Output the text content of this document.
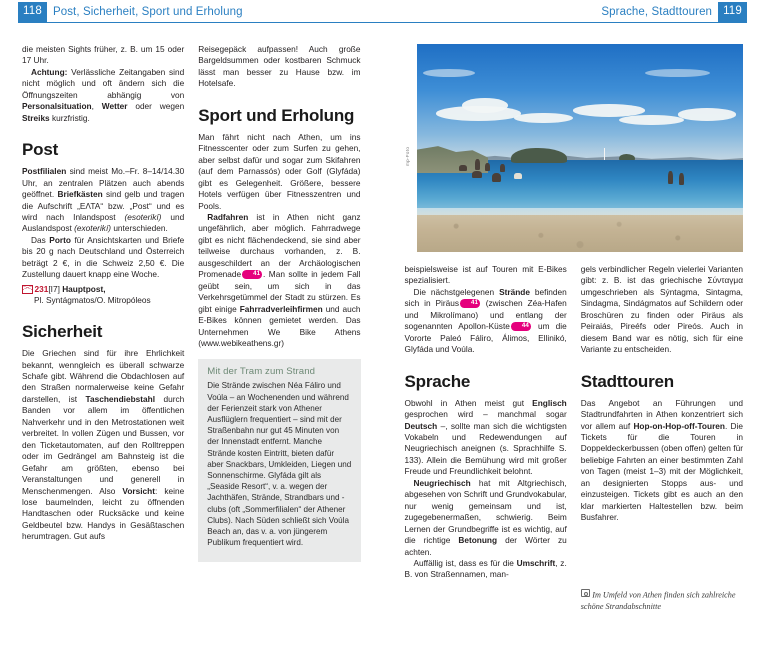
118 Post, Sicherheit, Sport und Erholung

die meisten Sights früher, z. B. um 15 oder 17 Uhr.

Achtung: Verlässliche Zeitangaben sind nicht möglich und oft ändern sich die Öffnungszeiten abhängig von Personalsituation, Wetter oder wegen Streiks kurzfristig.

Post

Postfilialen sind meist Mo.–Fr. 8–14/14.30 Uhr, an zentralen Plätzen auch abends geöffnet. Briefkästen sind gelb und tragen die Aufschrift „ΕΛΤΑ“ bzw. „Post“ und es wird nach Inlandspost (esoterikí) und Auslandspost (exoterikí) unterschieden.

Das Porto für Ansichtskarten und Briefe bis 20 g nach Deutschland und Österreich beträgt 2 €, in die Schweiz 2,50 €. Die Zustellung dauert knapp eine Woche.

231[I7] Hauptpost,
Pl. Syntágmatos/O. Mitropóleos

Sicherheit

Die Griechen sind für ihre Ehrlichkeit bekannt, wenngleich es überall schwarze Schafe gibt. Während die Obdachlosen auf den Straßen normalerweise keine Gefahr darstellen, ist Taschendiebstahl durch Banden vor allem im öffentlichen Nahverkehr und in den Metrostationen weit verbreitet. In vollen Zügen und Bussen, vor den Ticketautomaten, auf den Rolltreppen oder im Gedrängel am Bahnsteig ist die Gefahr am größten, ebenso bei Veranstaltungen und generell in Menschenmengen. Also Vorsicht: keine lose baumelnden, leicht zu öffnenden Handtaschen oder Rucksäcke und keine Geldbeutel bzw. Handys in Gesäßtaschen herumtragen. Gut aufs

Reisegepäck aufpassen! Auch große Bargeldsummen oder kostbaren Schmuck lässt man besser zu Hause bzw. im Hotelsafe.

Sport und Erholung

Man fährt nicht nach Athen, um ins Fitnesscenter oder zum Surfen zu gehen, aber selbst dafür und sogar zum Skifahren (auf dem Parnassós) oder Golf (Glyfáda) gibt es Gelegenheit. Größere, bessere Hotels verfügen über Fitnesszentren und Pools.

Radfahren ist in Athen nicht ganz ungefährlich, aber möglich. Fahrradwege gibt es nicht flächendeckend, sie sind aber teilweise durchaus vorhanden, z. B. ausgeschildert an der Archäologischen Promenade 41 . Man sollte in jedem Fall geübt sein, um sich in das Verkehrsgetümmel der Stadt zu stürzen. Es gibt einige Fahrradverleihfirmen und auch E-Bikes können gemietet werden. Das Unternehmen We Bike Athens (www.webikeathens.gr)

Mit der Tram zum Strand

Die Strände zwischen Néa Fáliro und Voúla – an Wochenenden und während der Ferienzeit stark von Athener Ausflüglern frequentiert – sind mit der Straßenbahn nur gut 45 Minuten von der Innenstadt entfernt. Manche Strände kosten Eintritt, bieten dafür aber Snackbars, Umkleiden, Liegen und Sonnenschirme. Glyfáda gilt als „Seaside Resort“, v. a. wegen der Jachthäfen, Strände, Strandbars und -clubs (oft „Sommerfilialen“ der Athener Clubs). Nach Süden schließt sich Voúla Beach an, das v. a. von jüngerem Publikum frequentiert wird.

Sprache, Stadttouren 119
mp-Foto

beispielsweise ist auf Touren mit E-Bikes spezialisiert.

Die nächstgelegenen Strände befinden sich in Piräus 41 (zwischen Zéa-Hafen und Mikrolímano) und entlang der sogenannten Apollon-Küste 44 um die Vororte Paleó Fáliro, Álimos, Ellinikó, Glyfáda und Voúla.

Sprache

Obwohl in Athen meist gut Englisch gesprochen wird – manchmal sogar Deutsch –, sollte man sich die wichtigsten Vokabeln und Redewendungen auf Neugriechisch aneignen (s. Sprachhilfe S. 133). Allein die Bemühung wird mit großer Freude und Freundlichkeit belohnt.

Neugriechisch hat mit Altgriechisch, abgesehen von Schrift und Grundvokabular, nur wenig gemeinsam und ist, zugegebenermaßen, schwierig. Beim Lernen der Grundbegriffe ist es wichtig, auf die richtige Betonung der Wörter zu achten.

Auffällig ist, dass es für die Umschrift, z. B. von Straßennamen, man-

gels verbindlicher Regeln vielerlei Varianten gibt: z. B. ist das griechische Σύνταγμα umgeschrieben als Sýntagma, Sintagma, Sindagma, Sindágmatos auf Schildern oder Broschüren zu finden oder Piräus als Peiraiás, Pireéfs oder Pireós. Auch in diesem Band war es nötig, sich für eine Variante zu entscheiden.

Stadttouren

Das Angebot an Führungen und Stadtrundfahrten in Athen konzentriert sich vor allem auf Hop-on-Hop-off-Touren. Die Tickets für die Touren in Doppeldeckerbussen (oben offen) gelten für beliebige Fahrten an einer bestimmten Zahl von Tagen (meist 1–3) mit der Möglichkeit, an designierten Stopps aus- und einzusteigen. Tickets gibt es auch an den klar markierten Haltestellen bzw. beim Busfahrer.

Im Umfeld von Athen finden sich zahlreiche schöne Strandabschnitte
